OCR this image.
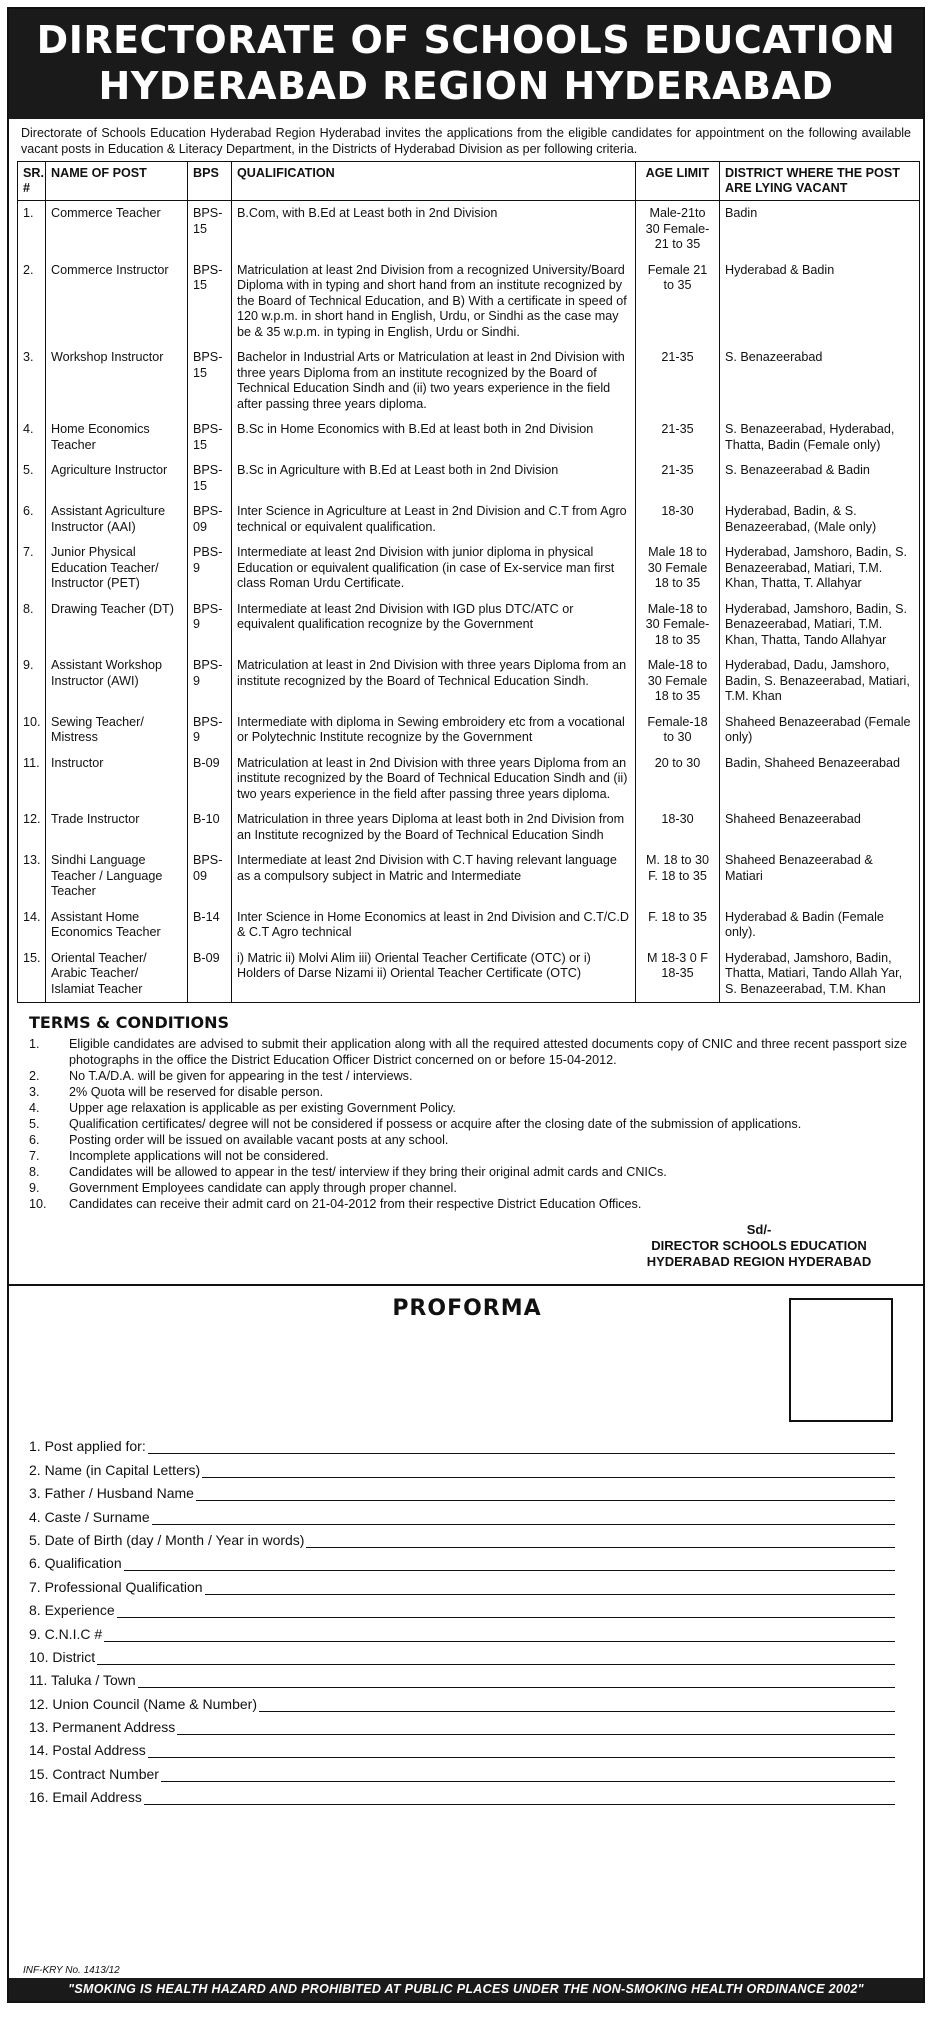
DIRECTORATE OF SCHOOLS EDUCATION
HYDERABAD REGION HYDERABAD
Directorate of Schools Education Hyderabad Region Hyderabad invites the applications from the eligible candidates for appointment on the following available vacant posts in Education & Literacy Department, in the Districts of Hyderabad Division as per following criteria.
SR. #	NAME OF POST	BPS	QUALIFICATION	AGE LIMIT	DISTRICT WHERE THE POST ARE LYING VACANT
1.	Commerce Teacher	BPS-15	B.Com, with B.Ed at Least both in 2nd Division	Male-21to 30 Female-21 to 35	Badin
2.	Commerce Instructor	BPS-15	Matriculation at least 2nd Division from a recognized University/Board Diploma with in typing and short hand from an institute recognized by the Board of Technical Education, and B) With a certificate in speed of 120 w.p.m. in short hand in English, Urdu, or Sindhi as the case may be & 35 w.p.m. in typing in English, Urdu or Sindhi.	Female 21 to 35	Hyderabad & Badin
3.	Workshop Instructor	BPS-15	Bachelor in Industrial Arts or Matriculation at least in 2nd Division with three years Diploma from an institute recognized by the Board of Technical Education Sindh and (ii) two years experience in the field after passing three years diploma.	21-35	S. Benazeerabad
4.	Home Economics Teacher	BPS-15	B.Sc in Home Economics with B.Ed at least both in 2nd Division	21-35	S. Benazeerabad, Hyderabad, Thatta, Badin (Female only)
5.	Agriculture Instructor	BPS-15	B.Sc in Agriculture with B.Ed at Least both in 2nd Division	21-35	S. Benazeerabad & Badin
6.	Assistant Agriculture Instructor (AAI)	BPS-09	Inter Science in Agriculture at Least in 2nd Division and C.T from Agro technical or equivalent qualification.	18-30	Hyderabad, Badin, & S. Benazeerabad, (Male only)
7.	Junior Physical Education Teacher/ Instructor (PET)	PBS-9	Intermediate at least 2nd Division with junior diploma in physical Education or equivalent qualification (in case of Ex-service man first class Roman Urdu Certificate.	Male 18 to 30 Female 18 to 35	Hyderabad, Jamshoro, Badin, S. Benazeerabad, Matiari, T.M. Khan, Thatta, T. Allahyar
8.	Drawing Teacher (DT)	BPS-9	Intermediate at least 2nd Division with IGD plus DTC/ATC or equivalent qualification recognize by the Government	Male-18 to 30 Female-18 to 35	Hyderabad, Jamshoro, Badin, S. Benazeerabad, Matiari, T.M. Khan, Thatta, Tando Allahyar
9.	Assistant Workshop Instructor (AWI)	BPS-9	Matriculation at least in 2nd Division with three years Diploma from an institute recognized by the Board of Technical Education Sindh.	Male-18 to 30 Female 18 to 35	Hyderabad, Dadu, Jamshoro, Badin, S. Benazeerabad, Matiari, T.M. Khan
10.	Sewing Teacher/ Mistress	BPS-9	Intermediate with diploma in Sewing embroidery etc from a vocational or Polytechnic Institute recognize by the Government	Female-18 to 30	Shaheed Benazeerabad (Female only)
11.	Instructor	B-09	Matriculation at least in 2nd Division with three years Diploma from an institute recognized by the Board of Technical Education Sindh and (ii) two years experience in the field after passing three years diploma.	20 to 30	Badin, Shaheed Benazeerabad
12.	Trade Instructor	B-10	Matriculation in three years Diploma at least both in 2nd Division from an Institute recognized by the Board of Technical Education Sindh	18-30	Shaheed Benazeerabad
13.	Sindhi Language Teacher / Language Teacher	BPS-09	Intermediate at least 2nd Division with C.T having relevant language as a compulsory subject in Matric and Intermediate	M. 18 to 30 F. 18 to 35	Shaheed Benazeerabad & Matiari
14.	Assistant Home Economics Teacher	B-14	Inter Science in Home Economics at least in 2nd Division and C.T/C.D & C.T Agro technical	F. 18 to 35	Hyderabad & Badin (Female only).
15.	Oriental Teacher/ Arabic Teacher/ Islamiat Teacher	B-09	i) Matric ii) Molvi Alim iii) Oriental Teacher Certificate (OTC) or i) Holders of Darse Nizami ii) Oriental Teacher Certificate (OTC)	M 18-3 0 F 18-35	Hyderabad, Jamshoro, Badin, Thatta, Matiari, Tando Allah Yar, S. Benazeerabad, T.M. Khan
TERMS & CONDITIONS
1.	Eligible candidates are advised to submit their application along with all the required attested documents copy of CNIC and three recent passport size photographs in the office the District Education Officer District concerned on or before 15-04-2012.
2.	No T.A/D.A. will be given for appearing in the test / interviews.
3.	2% Quota will be reserved for disable person.
4.	Upper age relaxation is applicable as per existing Government Policy.
5.	Qualification certificates/ degree will not be considered if possess or acquire after the closing date of the submission of applications.
6.	Posting order will be issued on available vacant posts at any school.
7.	Incomplete applications will not be considered.
8.	Candidates will be allowed to appear in the test/ interview if they bring their original admit cards and CNICs.
9.	Government Employees candidate can apply through proper channel.
10.	Candidates can receive their admit card on 21-04-2012 from their respective District Education Offices.
Sd/-
DIRECTOR SCHOOLS EDUCATION
HYDERABAD REGION HYDERABAD
PROFORMA
1. Post applied for:
2. Name (in Capital Letters)
3. Father / Husband Name
4. Caste / Surname
5. Date of Birth (day / Month / Year in words)
6. Qualification
7. Professional Qualification
8. Experience
9. C.N.I.C #
10. District
11. Taluka / Town
12. Union Council (Name & Number)
13. Permanent Address
14. Postal Address
15. Contract Number
16. Email Address
INF-KRY No. 1413/12
"SMOKING IS HEALTH HAZARD AND PROHIBITED AT PUBLIC PLACES UNDER THE NON-SMOKING HEALTH ORDINANCE 2002"
